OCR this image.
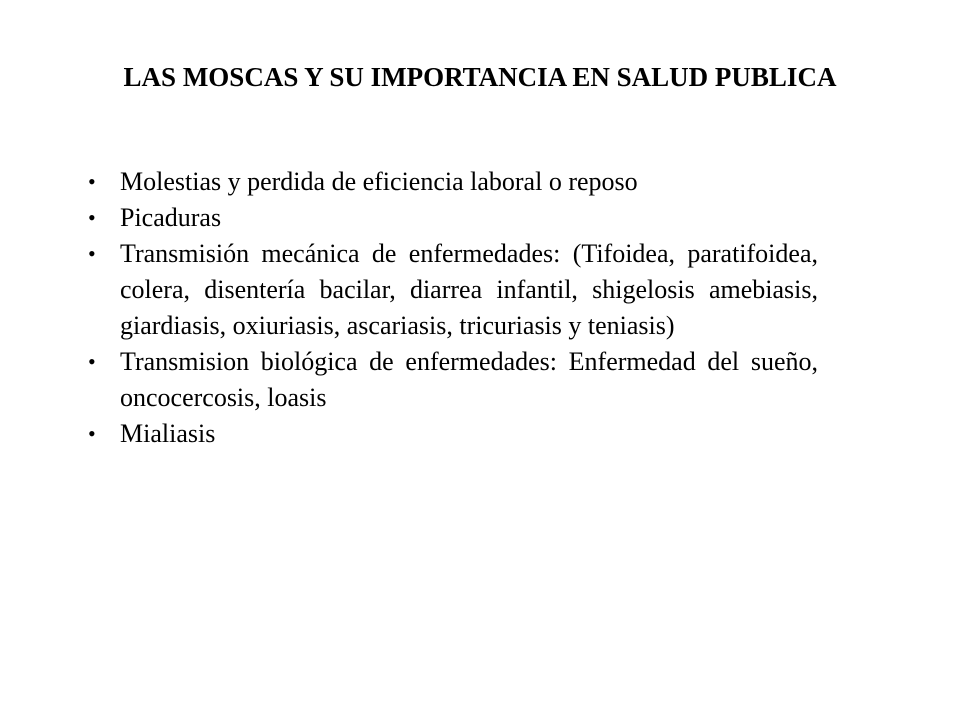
LAS MOSCAS Y SU IMPORTANCIA EN SALUD PUBLICA
• Molestias y perdida de eficiencia laboral o reposo
• Picaduras
• Transmisión mecánica de enfermedades: (Tifoidea, paratifoidea, colera, disentería bacilar, diarrea infantil, shigelosis amebiasis, giardiasis, oxiuriasis, ascariasis, tricuriasis y teniasis)
• Transmision biológica de enfermedades: Enfermedad del sueño, oncocercosis, loasis
• Mialiasis
